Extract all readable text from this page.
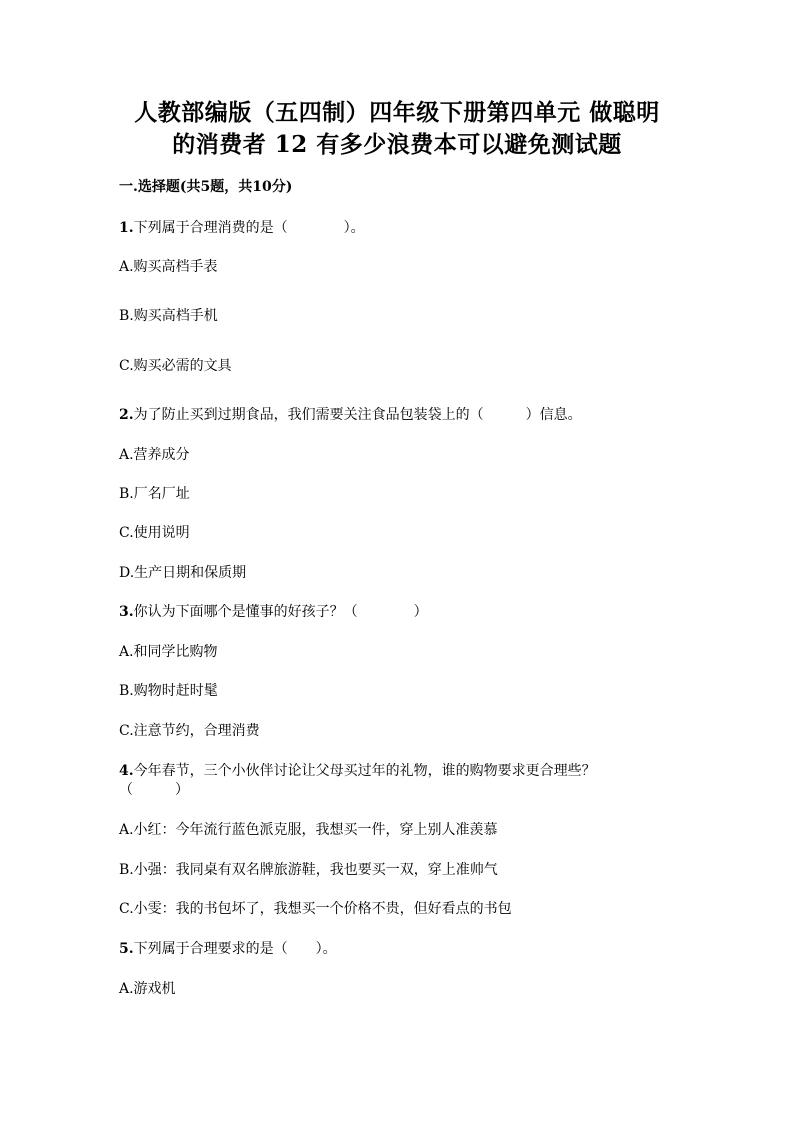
人教部编版（五四制）四年级下册第四单元 做聪明
的消费者 12 有多少浪费本可以避免测试题
一.选择题(共5题，共10分)
1.下列属于合理消费的是（　　　　）。
A.购买高档手表
B.购买高档手机
C.购买必需的文具
2.为了防止买到过期食品，我们需要关注食品包装袋上的（　　　）信息。
A.营养成分
B.厂名厂址
C.使用说明
D.生产日期和保质期
3.你认为下面哪个是懂事的好孩子？（　　　　）
A.和同学比购物
B.购物时赶时髦
C.注意节约，合理消费
4.今年春节，三个小伙伴讨论让父母买过年的礼物，谁的购物要求更合理些？
（　　　）
A.小红：今年流行蓝色派克服，我想买一件，穿上别人准羡慕
B.小强：我同桌有双名牌旅游鞋，我也要买一双，穿上准帅气
C.小雯：我的书包坏了，我想买一个价格不贵，但好看点的书包
5.下列属于合理要求的是（　　）。
A.游戏机
